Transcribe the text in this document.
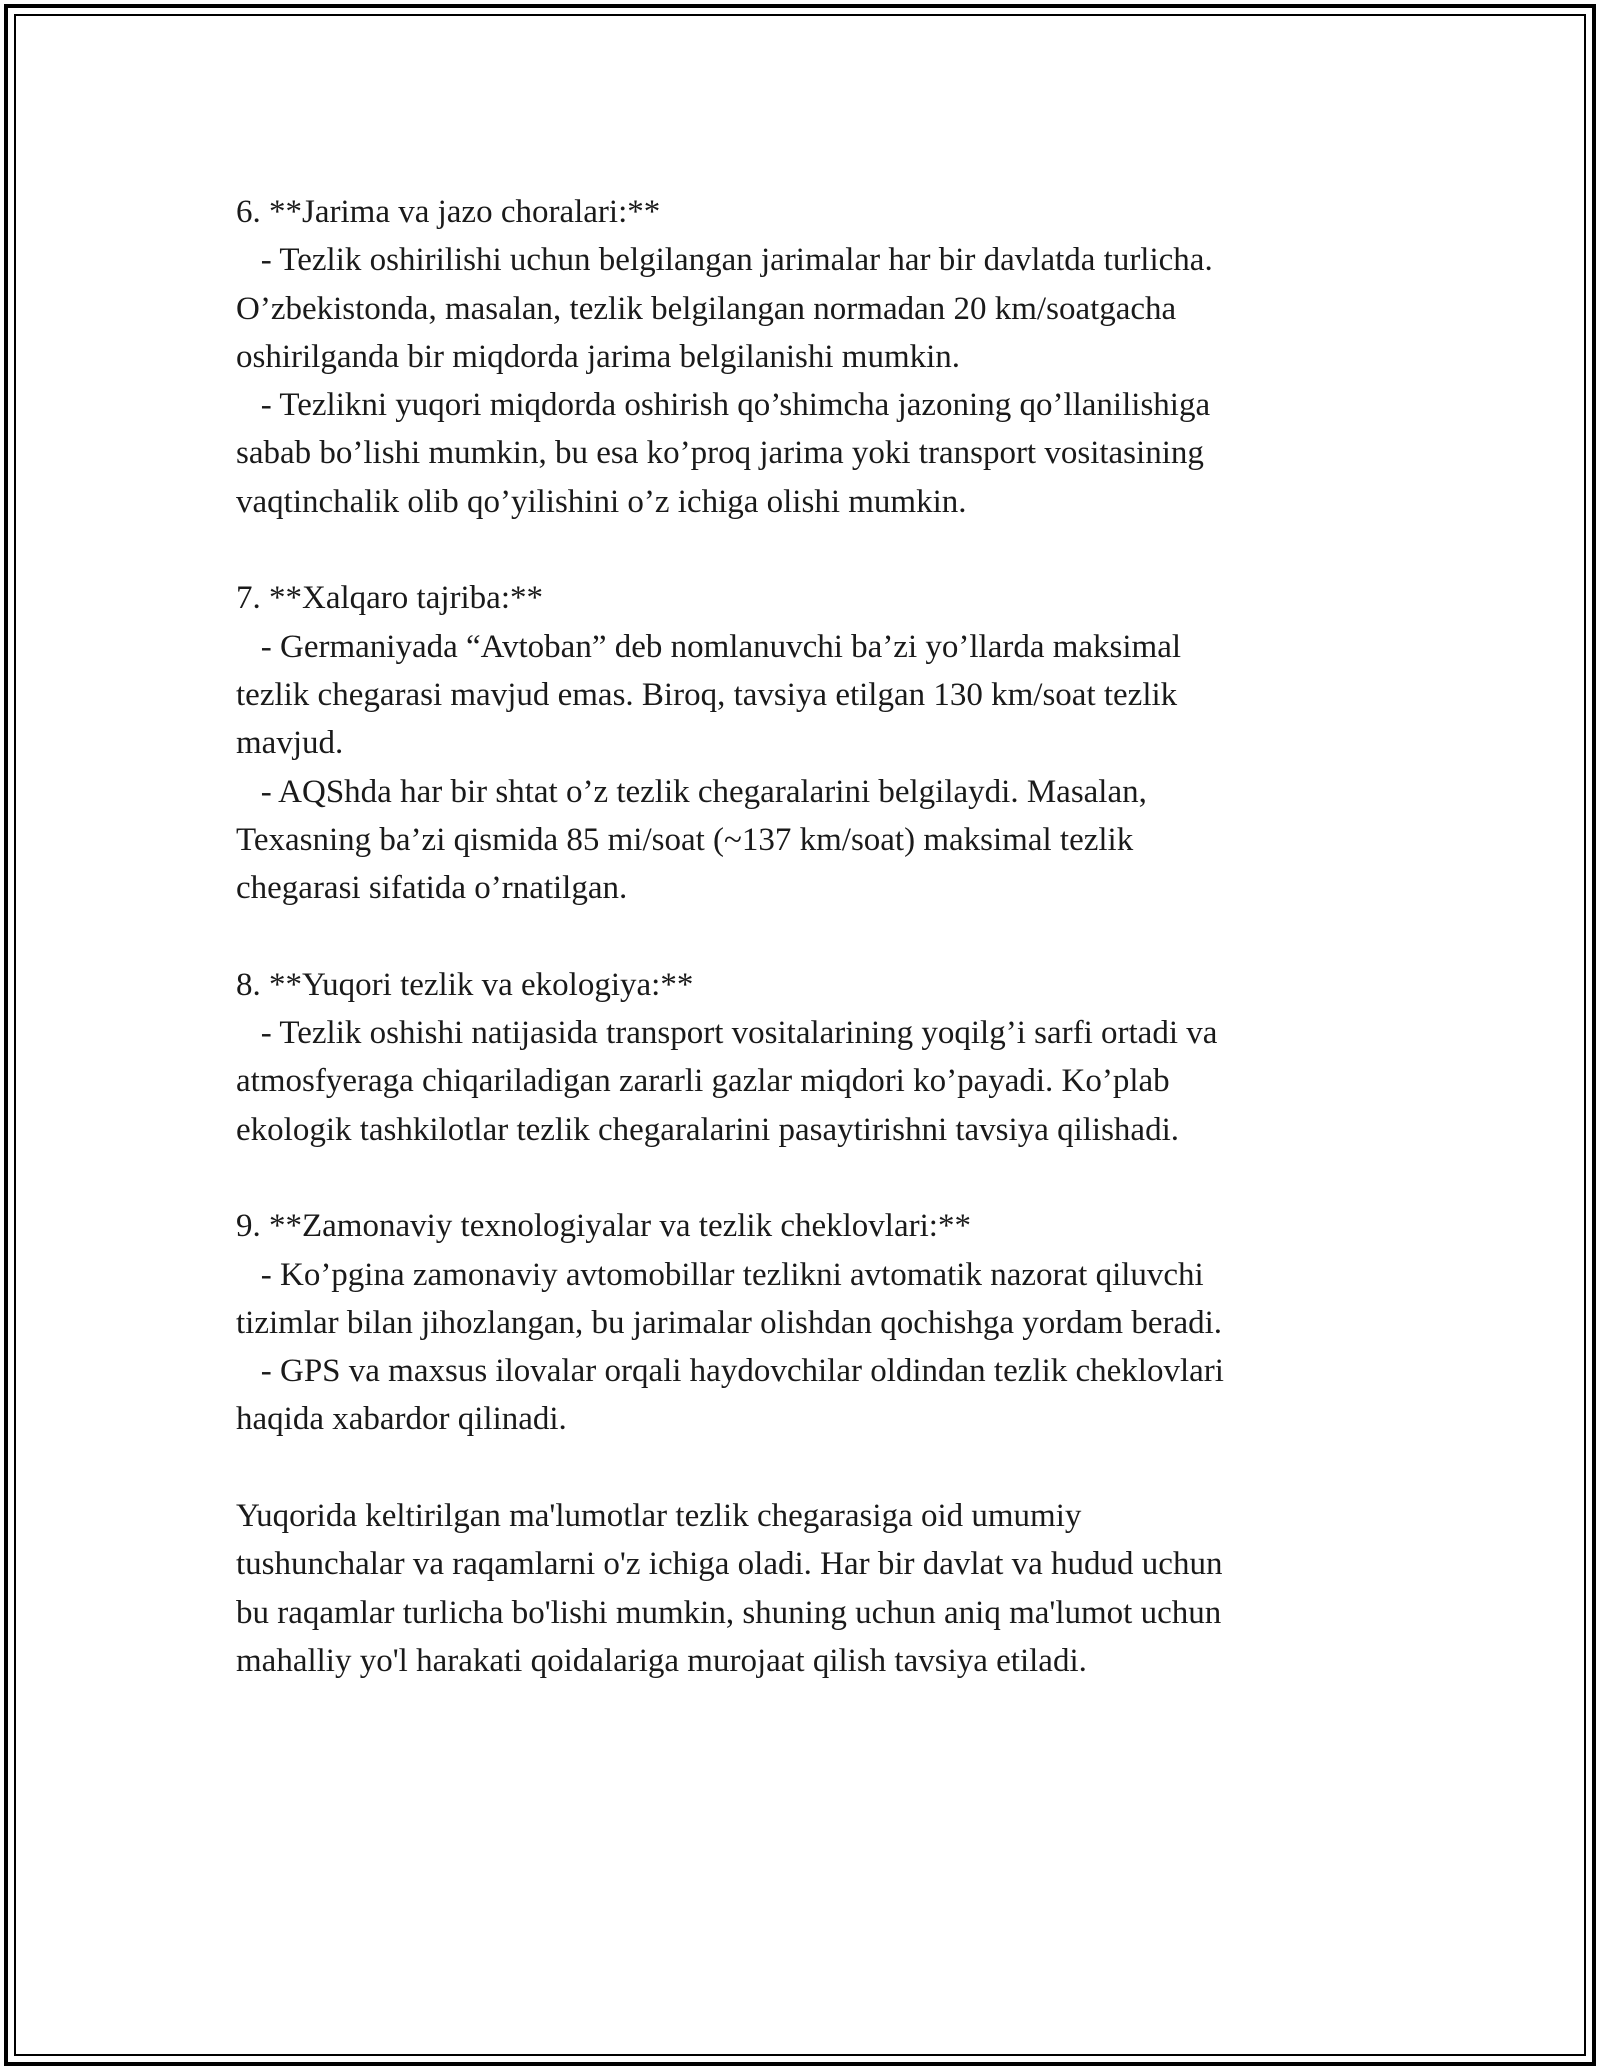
6. **Jarima va jazo choralari:**
- Tezlik oshirilishi uchun belgilangan jarimalar har bir davlatda turlicha.
O’zbekistonda, masalan, tezlik belgilangan normadan 20 km/soatgacha
oshirilganda bir miqdorda jarima belgilanishi mumkin.
- Tezlikni yuqori miqdorda oshirish qo’shimcha jazoning qo’llanilishiga
sabab bo’lishi mumkin, bu esa ko’proq jarima yoki transport vositasining
vaqtinchalik olib qo’yilishini o’z ichiga olishi mumkin.
7. **Xalqaro tajriba:**
- Germaniyada “Avtoban” deb nomlanuvchi ba’zi yo’llarda maksimal
tezlik chegarasi mavjud emas. Biroq, tavsiya etilgan 130 km/soat tezlik
mavjud.
- AQShda har bir shtat o’z tezlik chegaralarini belgilaydi. Masalan,
Texasning ba’zi qismida 85 mi/soat (~137 km/soat) maksimal tezlik
chegarasi sifatida o’rnatilgan.
8. **Yuqori tezlik va ekologiya:**
- Tezlik oshishi natijasida transport vositalarining yoqilg’i sarfi ortadi va
atmosfyeraga chiqariladigan zararli gazlar miqdori ko’payadi. Ko’plab
ekologik tashkilotlar tezlik chegaralarini pasaytirishni tavsiya qilishadi.
9. **Zamonaviy texnologiyalar va tezlik cheklovlari:**
- Ko’pgina zamonaviy avtomobillar tezlikni avtomatik nazorat qiluvchi
tizimlar bilan jihozlangan, bu jarimalar olishdan qochishga yordam beradi.
- GPS va maxsus ilovalar orqali haydovchilar oldindan tezlik cheklovlari
haqida xabardor qilinadi.
Yuqorida keltirilgan ma'lumotlar tezlik chegarasiga oid umumiy
tushunchalar va raqamlarni o'z ichiga oladi. Har bir davlat va hudud uchun
bu raqamlar turlicha bo'lishi mumkin, shuning uchun aniq ma'lumot uchun
mahalliy yo'l harakati qoidalariga murojaat qilish tavsiya etiladi.
